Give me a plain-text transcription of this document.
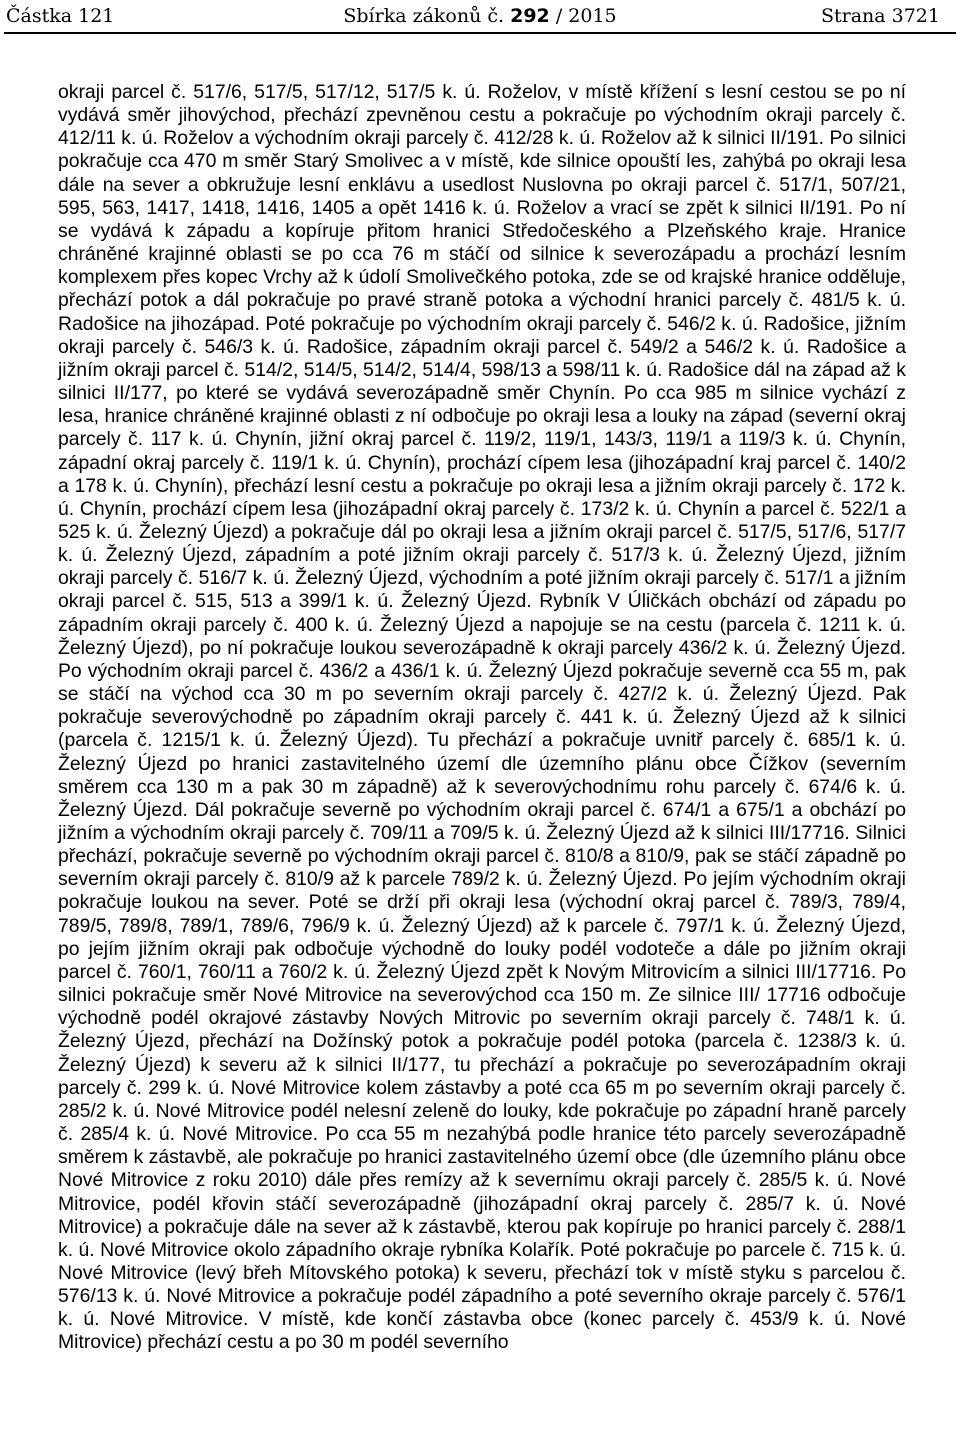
Částka 121	Sbírka zákonů č. 292 / 2015	Strana 3721

okraji parcel č. 517/6, 517/5, 517/12, 517/5 k. ú. Roželov, v místě křížení s lesní cestou se po ní vydává směr jihovýchod, přechází zpevněnou cestu a pokračuje po východním okraji parcely č. 412/11 k. ú. Roželov a východním okraji parcely č. 412/28 k. ú. Roželov až k silnici II/191. Po silnici pokračuje cca 470 m směr Starý Smolivec a v místě, kde silnice opouští les, zahýbá po okraji lesa dále na sever a obkružuje lesní enklávu a usedlost Nuslovna po okraji parcel č. 517/1, 507/21, 595, 563, 1417, 1418, 1416, 1405 a opět 1416 k. ú. Roželov a vrací se zpět k silnici II/191. Po ní se vydává k západu a kopíruje přitom hranici Středočeského a Plzeňského kraje. Hranice chráněné krajinné oblasti se po cca 76 m stáčí od silnice k severozápadu a prochází lesním komplexem přes kopec Vrchy až k údolí Smolivečkého potoka, zde se od krajské hranice odděluje, přechází potok a dál pokračuje po pravé straně potoka a východní hranici parcely č. 481/5 k. ú. Radošice na jihozápad. Poté pokračuje po východním okraji parcely č. 546/2 k. ú. Radošice, jižním okraji parcely č. 546/3 k. ú. Radošice, západním okraji parcel č. 549/2 a 546/2 k. ú. Radošice a jižním okraji parcel č. 514/2, 514/5, 514/2, 514/4, 598/13 a 598/11 k. ú. Radošice dál na západ až k silnici II/177, po které se vydává severozápadně směr Chynín. Po cca 985 m silnice vychází z lesa, hranice chráněné krajinné oblasti z ní odbočuje po okraji lesa a louky na západ (severní okraj parcely č. 117 k. ú. Chynín, jižní okraj parcel č. 119/2, 119/1, 143/3, 119/1 a 119/3 k. ú. Chynín, západní okraj parcely č. 119/1 k. ú. Chynín), prochází cípem lesa (jihozápadní kraj parcel č. 140/2 a 178 k. ú. Chynín), přechází lesní cestu a pokračuje po okraji lesa a jižním okraji parcely č. 172 k. ú. Chynín, prochází cípem lesa (jihozápadní okraj parcely č. 173/2 k. ú. Chynín a parcel č. 522/1 a 525 k. ú. Železný Újezd) a pokračuje dál po okraji lesa a jižním okraji parcel č. 517/5, 517/6, 517/7 k. ú. Železný Újezd, západním a poté jižním okraji parcely č. 517/3 k. ú. Železný Újezd, jižním okraji parcely č. 516/7 k. ú. Železný Újezd, východním a poté jižním okraji parcely č. 517/1 a jižním okraji parcel č. 515, 513 a 399/1 k. ú. Železný Újezd. Rybník V Úličkách obchází od západu po západním okraji parcely č. 400 k. ú. Železný Újezd a napojuje se na cestu (parcela č. 1211 k. ú. Železný Újezd), po ní pokračuje loukou severozápadně k okraji parcely 436/2 k. ú. Železný Újezd. Po východním okraji parcel č. 436/2 a 436/1 k. ú. Železný Újezd pokračuje severně cca 55 m, pak se stáčí na východ cca 30 m po severním okraji parcely č. 427/2 k. ú. Železný Újezd. Pak pokračuje severovýchodně po západním okraji parcely č. 441 k. ú. Železný Újezd až k silnici (parcela č. 1215/1 k. ú. Železný Újezd). Tu přechází a pokračuje uvnitř parcely č. 685/1 k. ú. Železný Újezd po hranici zastavitelného území dle územního plánu obce Čížkov (severním směrem cca 130 m a pak 30 m západně) až k severovýchodnímu rohu parcely č. 674/6 k. ú. Železný Újezd. Dál pokračuje severně po východním okraji parcel č. 674/1 a 675/1 a obchází po jižním a východním okraji parcely č. 709/11 a 709/5 k. ú. Železný Újezd až k silnici III/17716. Silnici přechází, pokračuje severně po východním okraji parcel č. 810/8 a 810/9, pak se stáčí západně po severním okraji parcely č. 810/9 až k parcele 789/2 k. ú. Železný Újezd. Po jejím východním okraji pokračuje loukou na sever. Poté se drží při okraji lesa (východní okraj parcel č. 789/3, 789/4, 789/5, 789/8, 789/1, 789/6, 796/9 k. ú. Železný Újezd) až k parcele č. 797/1 k. ú. Železný Újezd, po jejím jižním okraji pak odbočuje východně do louky podél vodoteče a dále po jižním okraji parcel č. 760/1, 760/11 a 760/2 k. ú. Železný Újezd zpět k Novým Mitrovicím a silnici III/17716. Po silnici pokračuje směr Nové Mitrovice na severovýchod cca 150 m. Ze silnice III/ 17716 odbočuje východně podél okrajové zástavby Nových Mitrovic po severním okraji parcely č. 748/1 k. ú. Železný Újezd, přechází na Dožínský potok a pokračuje podél potoka (parcela č. 1238/3 k. ú. Železný Újezd) k severu až k silnici II/177, tu přechází a pokračuje po severozápadním okraji parcely č. 299 k. ú. Nové Mitrovice kolem zástavby a poté cca 65 m po severním okraji parcely č. 285/2 k. ú. Nové Mitrovice podél nelesní zeleně do louky, kde pokračuje po západní hraně parcely č. 285/4 k. ú. Nové Mitrovice. Po cca 55 m nezahýbá podle hranice této parcely severozápadně směrem k zástavbě, ale pokračuje po hranici zastavitelného území obce (dle územního plánu obce Nové Mitrovice z roku 2010) dále přes remízy až k severnímu okraji parcely č. 285/5 k. ú. Nové Mitrovice, podél křovin stáčí severozápadně (jihozápadní okraj parcely č. 285/7 k. ú. Nové Mitrovice) a pokračuje dále na sever až k zástavbě, kterou pak kopíruje po hranici parcely č. 288/1 k. ú. Nové Mitrovice okolo západního okraje rybníka Kolařík. Poté pokračuje po parcele č. 715 k. ú. Nové Mitrovice (levý břeh Mítovského potoka) k severu, přechází tok v místě styku s parcelou č. 576/13 k. ú. Nové Mitrovice a pokračuje podél západního a poté severního okraje parcely č. 576/1 k. ú. Nové Mitrovice. V místě, kde končí zástavba obce (konec parcely č. 453/9 k. ú. Nové Mitrovice) přechází cestu a po 30 m podél severního
